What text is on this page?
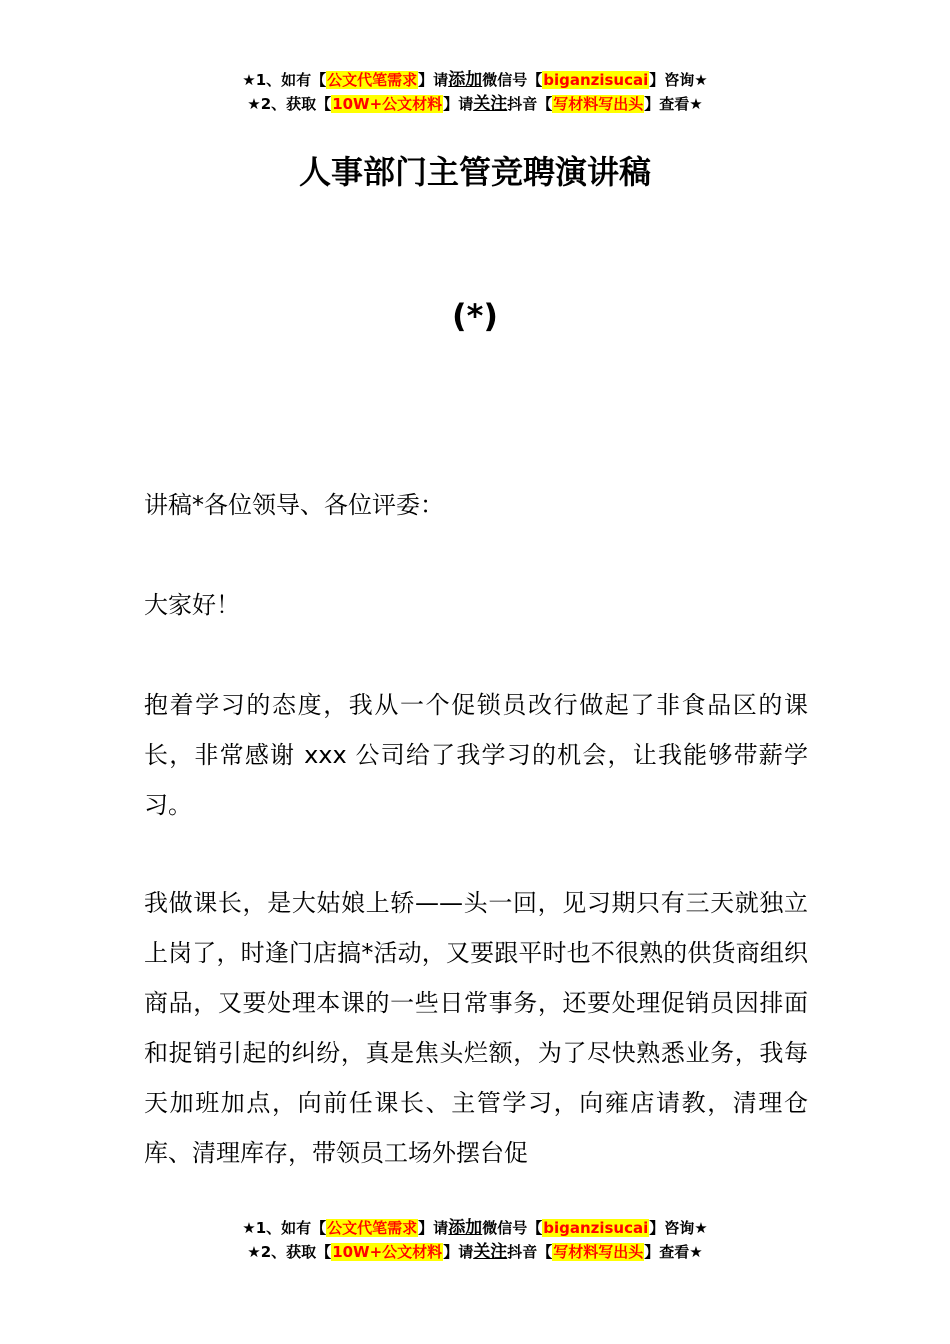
★1、如有【公文代笔需求】请添加微信号【biganzisucai】咨询★
★2、获取【10W+公文材料】请关注抖音【写材料写出头】查看★
人事部门主管竞聘演讲稿
(*)
讲稿*各位领导、各位评委：
大家好！
抱着学习的态度，我从一个促锁员改行做起了非食品区的课长，非常感谢 xxx 公司给了我学习的机会，让我能够带薪学习。
我做课长，是大姑娘上轿——头一回，见习期只有三天就独立上岗了，时逢门店搞*活动，又要跟平时也不很熟的供货商组织商品，又要处理本课的一些日常事务，还要处理促销员因排面和捉销引起的纠纷，真是焦头烂额，为了尽快熟悉业务，我每天加班加点，向前任课长、主管学习，向雍店请教，清理仓库、清理库存，带领员工场外摆台促
★1、如有【公文代笔需求】请添加微信号【biganzisucai】咨询★
★2、获取【10W+公文材料】请关注抖音【写材料写出头】查看★
